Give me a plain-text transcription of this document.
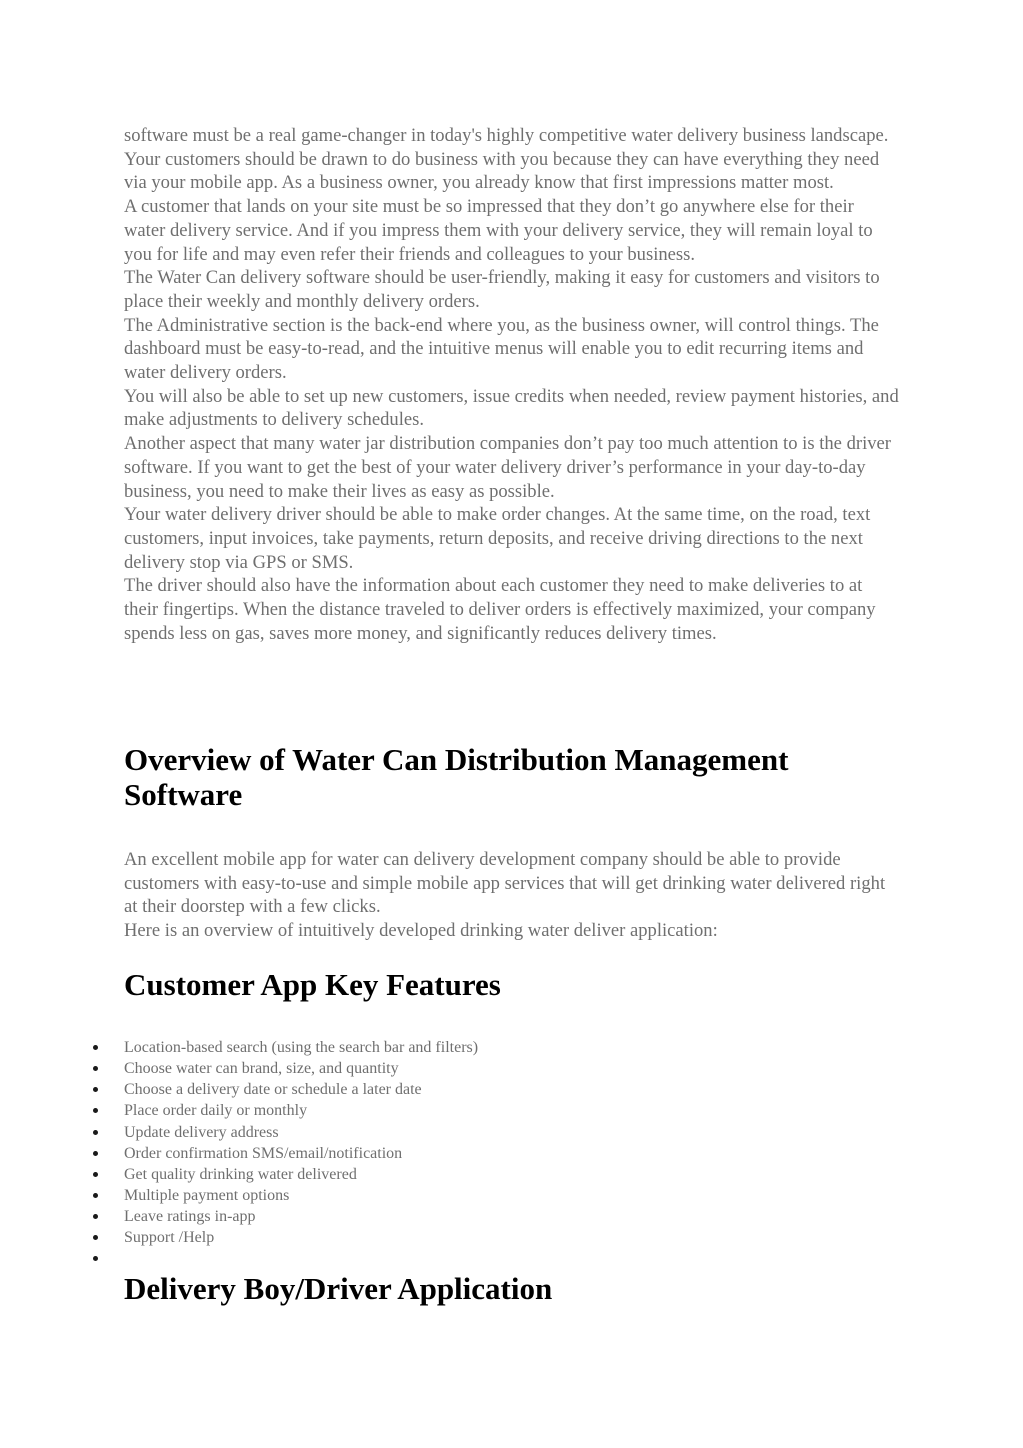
software must be a real game-changer in today's highly competitive water delivery business landscape.

Your customers should be drawn to do business with you because they can have everything they need via your mobile app. As a business owner, you already know that first impressions matter most.

A customer that lands on your site must be so impressed that they don’t go anywhere else for their water delivery service. And if you impress them with your delivery service, they will remain loyal to you for life and may even refer their friends and colleagues to your business.

The Water Can delivery software should be user-friendly, making it easy for customers and visitors to place their weekly and monthly delivery orders.

The Administrative section is the back-end where you, as the business owner, will control things. The dashboard must be easy-to-read, and the intuitive menus will enable you to edit recurring items and water delivery orders.

You will also be able to set up new customers, issue credits when needed, review payment histories, and make adjustments to delivery schedules.

Another aspect that many water jar distribution companies don’t pay too much attention to is the driver software. If you want to get the best of your water delivery driver’s performance in your day-to-day business, you need to make their lives as easy as possible.

Your water delivery driver should be able to make order changes. At the same time, on the road, text customers, input invoices, take payments, return deposits, and receive driving directions to the next delivery stop via GPS or SMS.

The driver should also have the information about each customer they need to make deliveries to at their fingertips. When the distance traveled to deliver orders is effectively maximized, your company spends less on gas, saves more money, and significantly reduces delivery times.

Overview of Water Can Distribution Management Software

An excellent mobile app for water can delivery development company should be able to provide customers with easy-to-use and simple mobile app services that will get drinking water delivered right at their doorstep with a few clicks.

Here is an overview of intuitively developed drinking water deliver application:

Customer App Key Features
Location-based search (using the search bar and filters)
Choose water can brand, size, and quantity
Choose a delivery date or schedule a later date
Place order daily or monthly
Update delivery address
Order confirmation SMS/email/notification
Get quality drinking water delivered
Multiple payment options
Leave ratings in-app
Support /Help
Delivery Boy/Driver Application
